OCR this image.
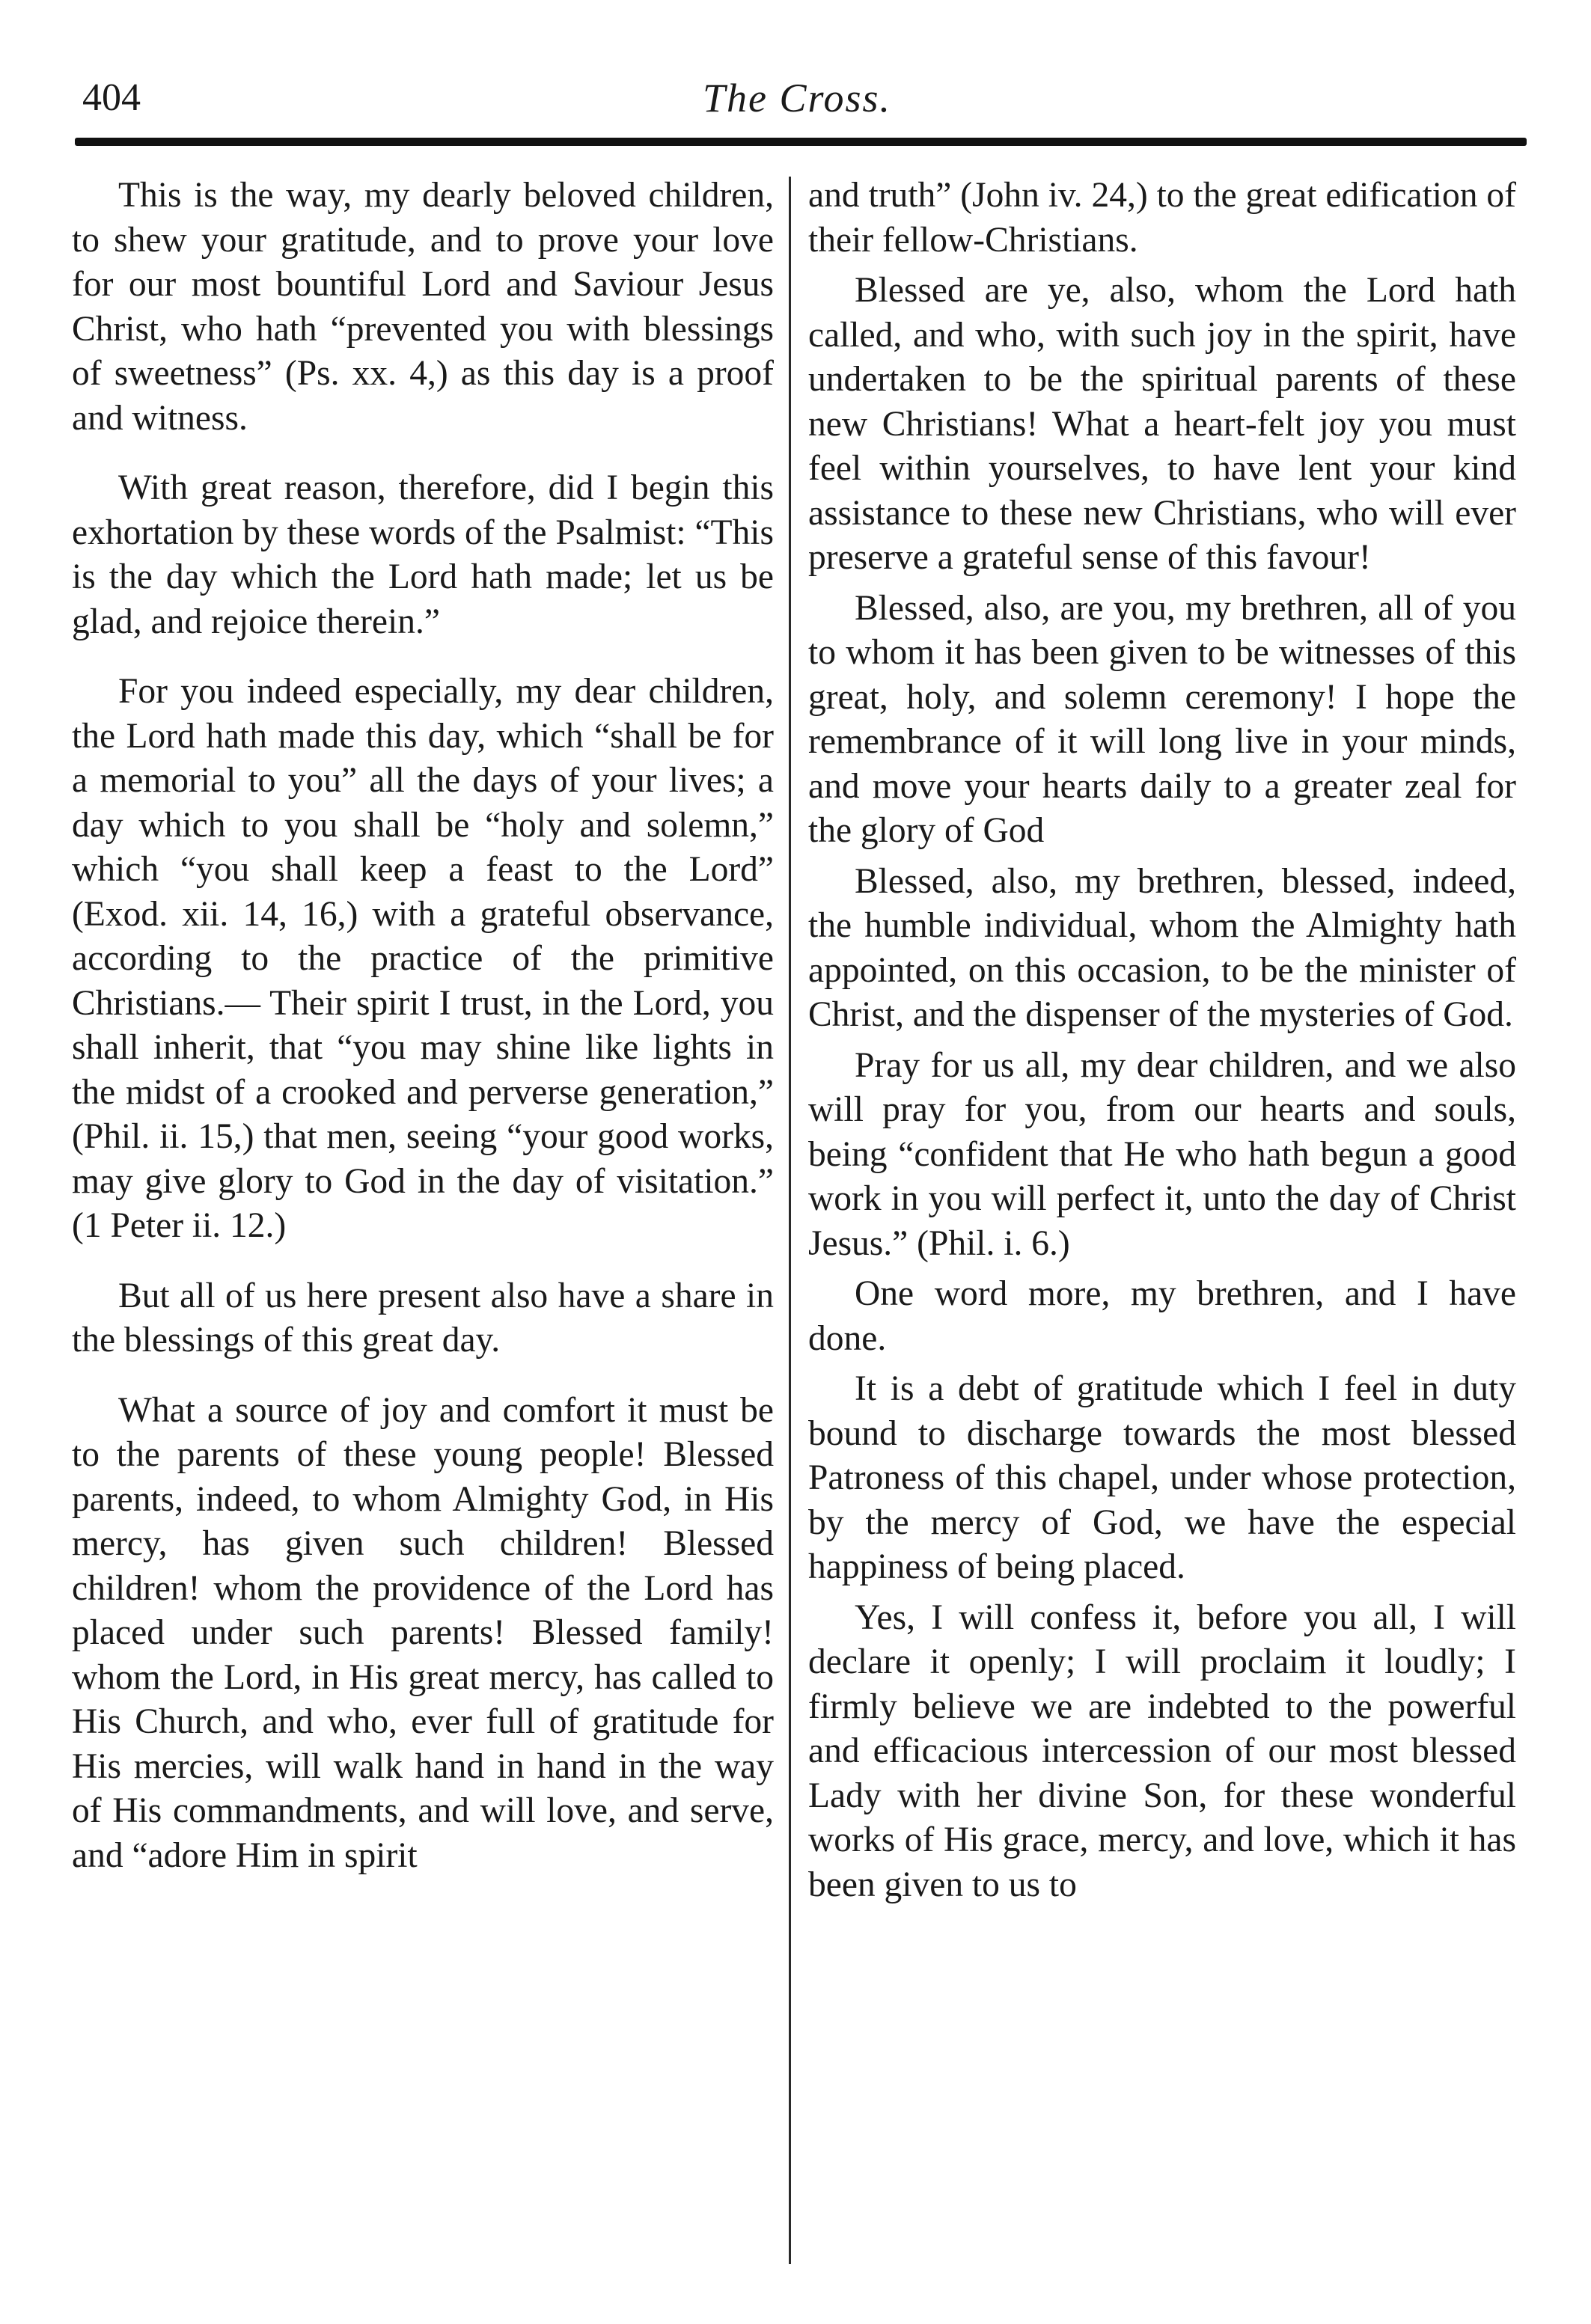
404	The Cross.

This is the way, my dearly beloved children, to shew your gratitude, and to prove your love for our most bountiful Lord and Saviour Jesus Christ, who hath “prevented you with blessings of sweetness” (Ps. xx. 4,) as this day is a proof and witness.

With great reason, therefore, did I begin this exhortation by these words of the Psalmist: “This is the day which the Lord hath made; let us be glad, and rejoice therein.”

For you indeed especially, my dear children, the Lord hath made this day, which “shall be for a memorial to you” all the days of your lives; a day which to you shall be “holy and solemn,” which “you shall keep a feast to the Lord” (Exod. xii. 14, 16,) with a grateful observance, according to the practice of the primitive Christians.— Their spirit I trust, in the Lord, you shall inherit, that “you may shine like lights in the midst of a crooked and perverse generation,” (Phil. ii. 15,) that men, seeing “your good works, may give glory to God in the day of visitation.” (1 Peter ii. 12.)

But all of us here present also have a share in the blessings of this great day.

What a source of joy and comfort it must be to the parents of these young people! Blessed parents, indeed, to whom Almighty God, in His mercy, has given such children! Blessed children! whom the providence of the Lord has placed under such parents! Blessed family! whom the Lord, in His great mercy, has called to His Church, and who, ever full of gratitude for His mercies, will walk hand in hand in the way of His commandments, and will love, and serve, and “adore Him in spirit

and truth” (John iv. 24,) to the great edification of their fellow-Christians.

Blessed are ye, also, whom the Lord hath called, and who, with such joy in the spirit, have undertaken to be the spiritual parents of these new Christians! What a heart-felt joy you must feel within yourselves, to have lent your kind assistance to these new Christians, who will ever preserve a grateful sense of this favour!

Blessed, also, are you, my brethren, all of you to whom it has been given to be witnesses of this great, holy, and solemn ceremony! I hope the remembrance of it will long live in your minds, and move your hearts daily to a greater zeal for the glory of God

Blessed, also, my brethren, blessed, indeed, the humble individual, whom the Almighty hath appointed, on this occasion, to be the minister of Christ, and the dispenser of the mysteries of God.

Pray for us all, my dear children, and we also will pray for you, from our hearts and souls, being “confident that He who hath begun a good work in you will perfect it, unto the day of Christ Jesus.” (Phil. i. 6.)

One word more, my brethren, and I have done.

It is a debt of gratitude which I feel in duty bound to discharge towards the most blessed Patroness of this chapel, under whose protection, by the mercy of God, we have the especial happiness of being placed.

Yes, I will confess it, before you all, I will declare it openly; I will proclaim it loudly; I firmly believe we are indebted to the powerful and efficacious intercession of our most blessed Lady with her divine Son, for these wonderful works of His grace, mercy, and love, which it has been given to us to
